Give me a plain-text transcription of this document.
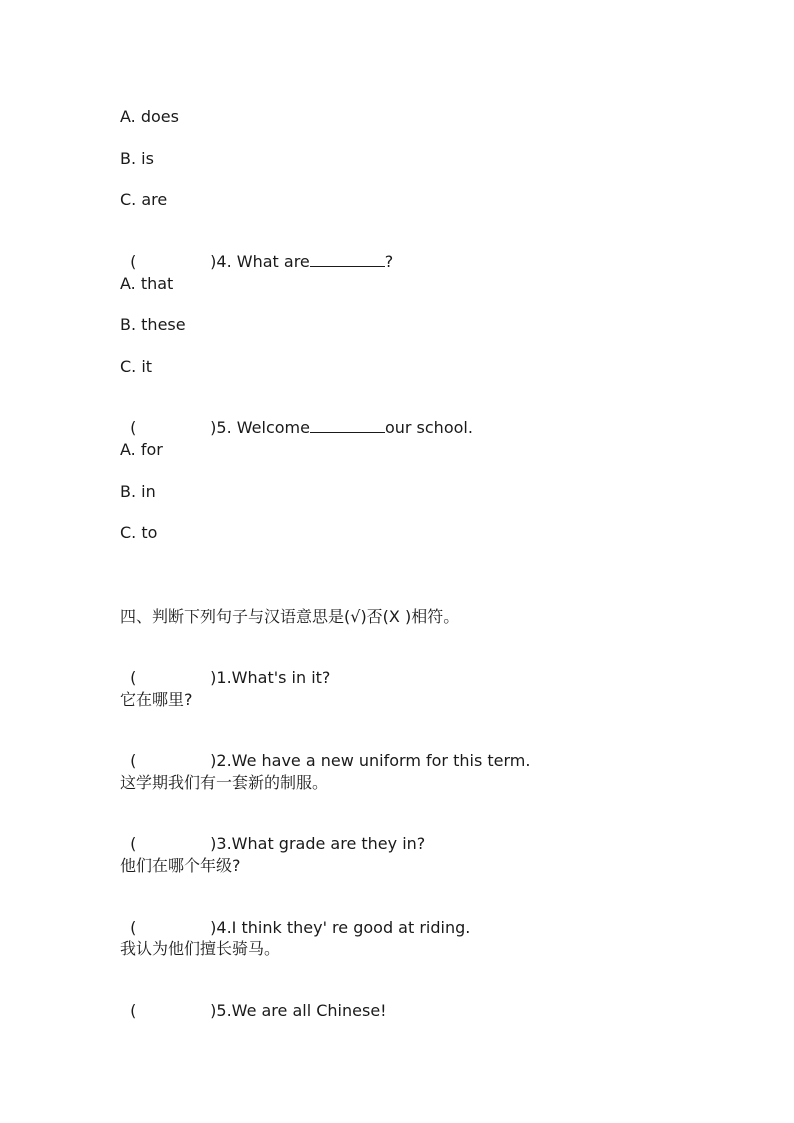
A. does
B. is
C. are

(	)4. What are	?

A. that
B. these
C. it

(	)5. Welcome	our school.

A. for
B. in
C. to
四、判断下列句子与汉语意思是(√)否(X )相符。

(	)1.What's in it?

它在哪里?

(	)2.We have a new uniform for this term.

这学期我们有一套新的制服。

(	)3.What grade are they in?

他们在哪个年级?

(	)4.I think they' re good at riding.

我认为他们擅长骑马。

(	)5.We are all Chinese!
